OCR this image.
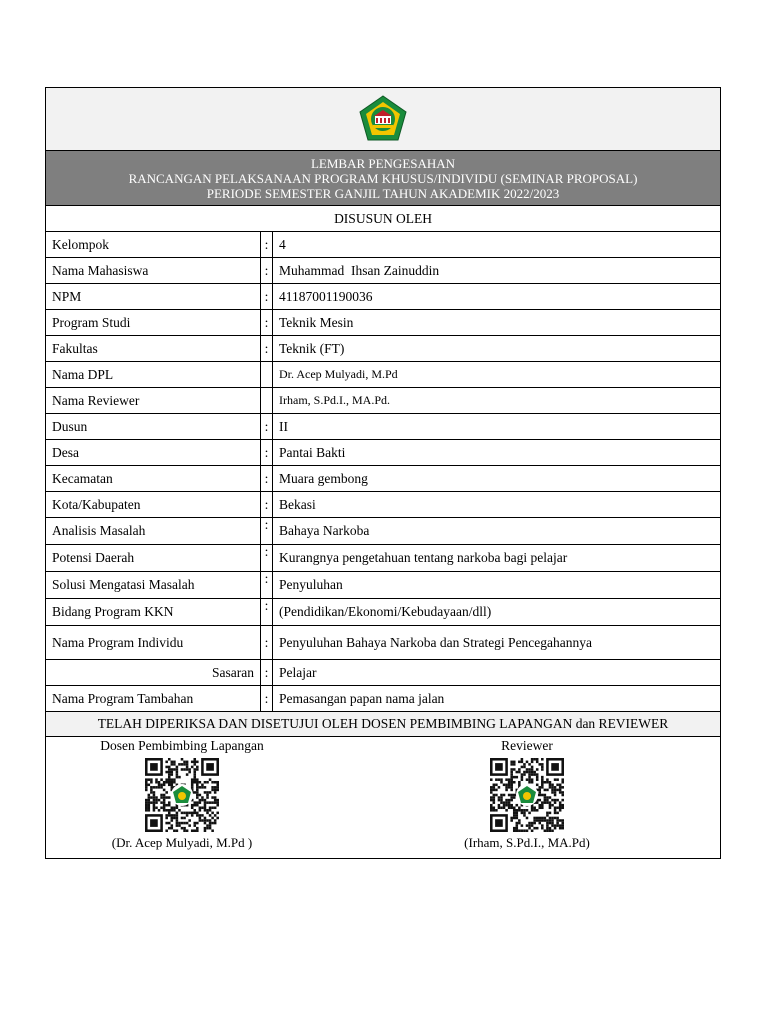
LEMBAR PENGESAHAN
RANCANGAN PELAKSANAAN PROGRAM KHUSUS/INDIVIDU (SEMINAR PROPOSAL)
PERIODE SEMESTER GANJIL TAHUN AKADEMIK 2022/2023
DISUSUN OLEH
Kelompok	:	4
Nama Mahasiswa	:	Muhammad  Ihsan Zainuddin
NPM	:	41187001190036
Program Studi	:	Teknik Mesin
Fakultas	:	Teknik (FT)
Nama DPL		Dr. Acep Mulyadi, M.Pd
Nama Reviewer		Irham, S.Pd.I., MA.Pd.
Dusun	:	II
Desa	:	Pantai Bakti
Kecamatan	:	Muara gembong
Kota/Kabupaten	:	Bekasi
Analisis Masalah	:	Bahaya Narkoba
Potensi Daerah	:	Kurangnya pengetahuan tentang narkoba bagi pelajar
Solusi Mengatasi Masalah	:	Penyuluhan
Bidang Program KKN	:	(Pendidikan/Ekonomi/Kebudayaan/dll)
Nama Program Individu	:	Penyuluhan Bahaya Narkoba dan Strategi Pencegahannya
Sasaran	:	Pelajar
Nama Program Tambahan	:	Pemasangan papan nama jalan
TELAH DIPERIKSA DAN DISETUJUI OLEH DOSEN PEMBIMBING LAPANGAN dan REVIEWER
Dosen Pembimbing Lapangan
(Dr. Acep Mulyadi, M.Pd )
Reviewer
(Irham, S.Pd.I., MA.Pd)
